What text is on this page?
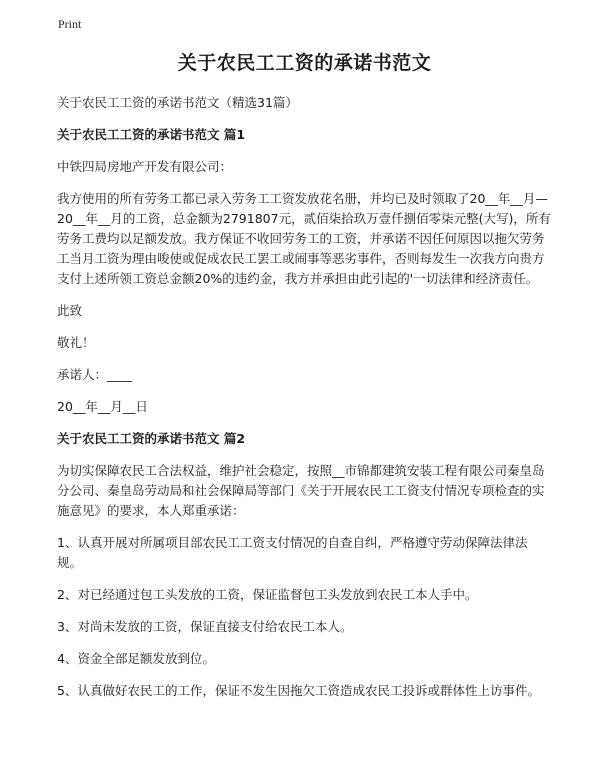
Print
关于农民工工资的承诺书范文
关于农民工工资的承诺书范文（精选31篇）
关于农民工工资的承诺书范文 篇1
中铁四局房地产开发有限公司：
我方使用的所有劳务工都已录入劳务工工资发放花名册，并均已及时领取了20__年__月—20__年__月的工资，总金额为2791807元，贰佰柒拾玖万壹仟捌佰零柒元整(大写)，所有劳务工费均以足额发放。我方保证不收回劳务工的工资，并承诺不因任何原因以拖欠劳务工当月工资为理由唆使或促成农民工罢工或闹事等恶劣事件，否则每发生一次我方向贵方支付上述所领工资总金额20%的违约金，我方并承担由此引起的'一切法律和经济责任。
此致
敬礼！
承诺人：____
20__年__月__日
关于农民工工资的承诺书范文 篇2
为切实保障农民工合法权益，维护社会稳定，按照__市锦都建筑安装工程有限公司秦皇岛分公司、秦皇岛劳动局和社会保障局等部门《关于开展农民工工资支付情况专项检查的实施意见》的要求，本人郑重承诺：
1、认真开展对所属项目部农民工工资支付情况的自查自纠，严格遵守劳动保障法律法规。
2、对已经通过包工头发放的工资，保证监督包工头发放到农民工本人手中。
3、对尚未发放的工资，保证直接支付给农民工本人。
4、资金全部足额发放到位。
5、认真做好农民工的工作，保证不发生因拖欠工资造成农民工投诉或群体性上访事件。
